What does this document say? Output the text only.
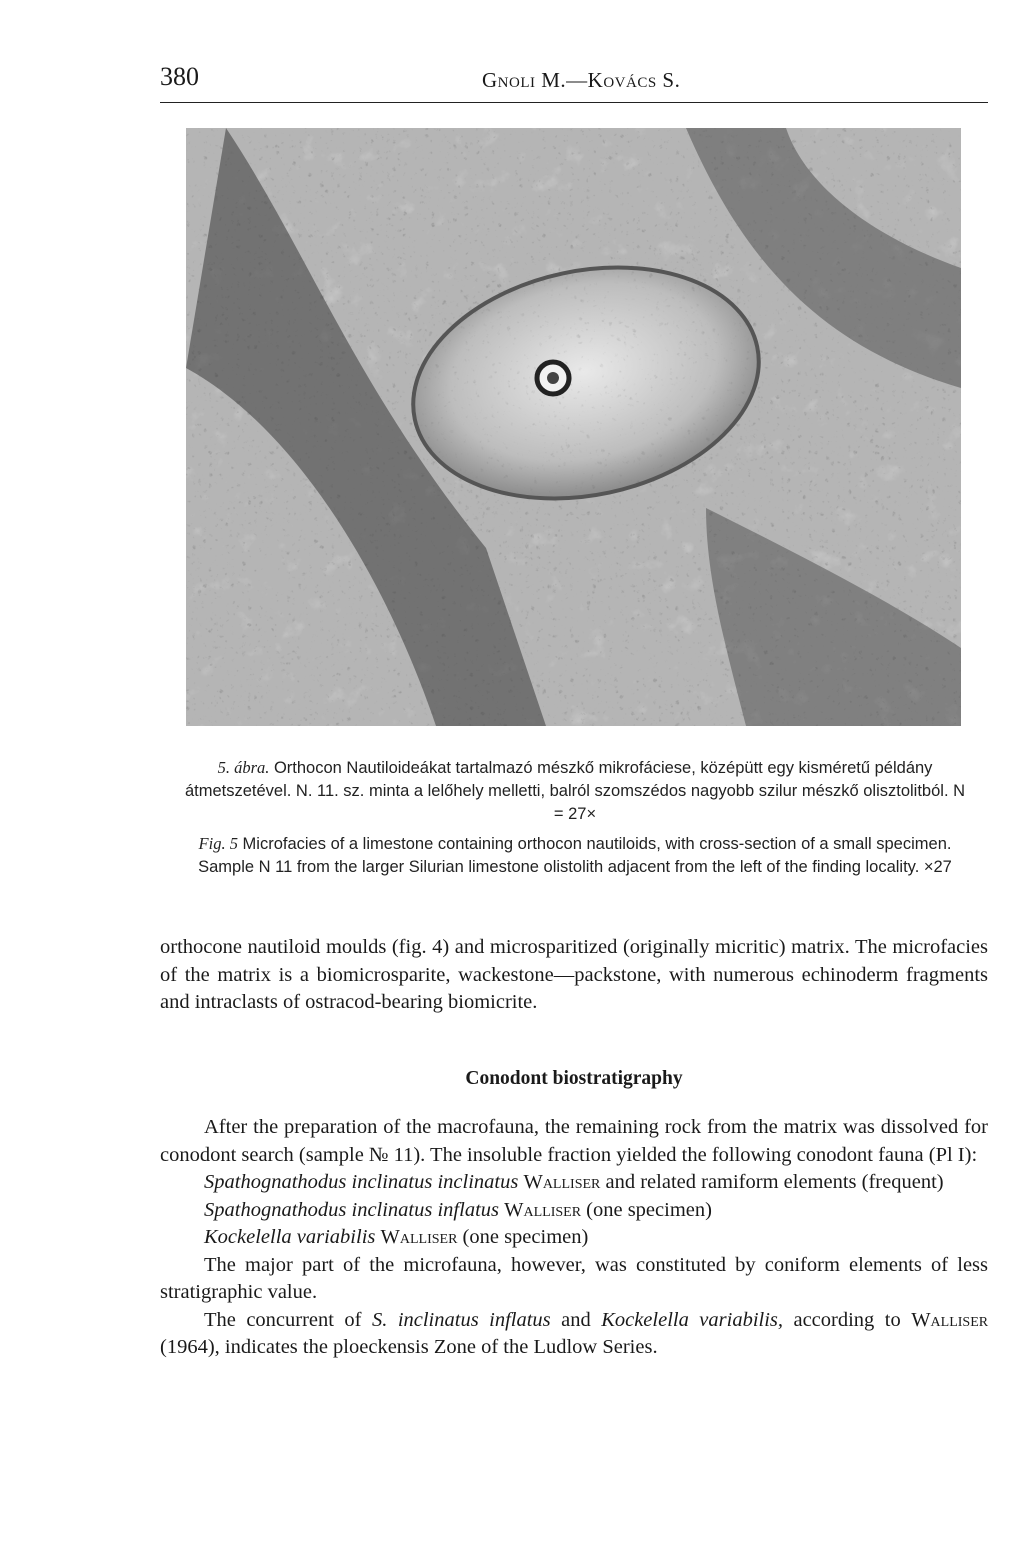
380	Gnoli M.—Kovács S.
5. ábra. Orthocon Nautiloideákat tartalmazó mészkő mikrofáciese, középütt egy kisméretű példány átmetszetével. N. 11. sz. minta a lelőhely melletti, balról szomszédos nagyobb szilur mészkő olisztolitból. N = 27×
Fig. 5 Microfacies of a limestone containing orthocon nautiloids, with cross-section of a small specimen. Sample N 11 from the larger Silurian limestone olistolith adjacent from the left of the finding locality. ×27

orthocone nautiloid moulds (fig. 4) and microsparitized (originally micritic) matrix. The microfacies of the matrix is a biomicrosparite, wackestone—packstone, with numerous echinoderm fragments and intraclasts of ostracod-bearing biomicrite.

Conodont biostratigraphy

After the preparation of the macrofauna, the remaining rock from the matrix was dissolved for conodont search (sample № 11). The insoluble fraction yielded the following conodont fauna (Pl I):

Spathognathodus inclinatus inclinatus Walliser and related ramiform elements (frequent)

Spathognathodus inclinatus inflatus Walliser (one specimen)

Kockelella variabilis Walliser (one specimen)

The major part of the microfauna, however, was constituted by coniform elements of less stratigraphic value.

The concurrent of S. inclinatus inflatus and Kockelella variabilis, according to Walliser (1964), indicates the ploeckensis Zone of the Ludlow Series.
